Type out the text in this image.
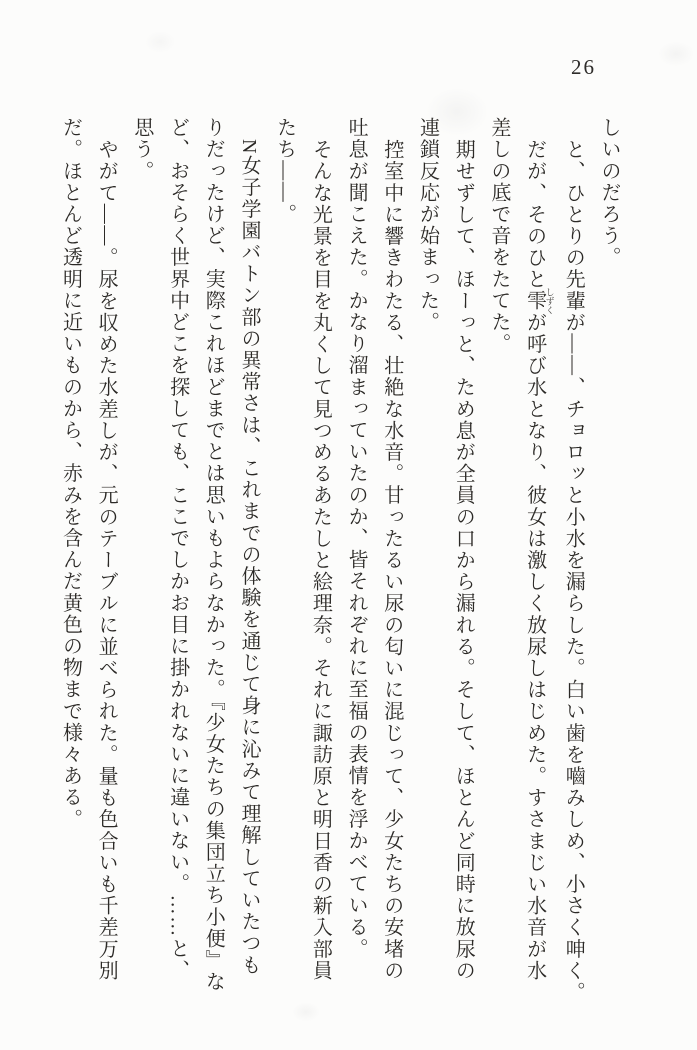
26

しいのだろう。

と、ひとりの先輩が――、チョロッと小水を漏らした。白い歯を嚙みしめ、小さく呻く。

だが、そのひと雫 しずくが呼び水となり、彼女は激しく放尿しはじめた。すさまじい水音が水

差しの底で音をたてた。

期せずして、ほーっと、ため息が全員の口から漏れる。そして、ほとんど同時に放尿の

連鎖反応が始まった。

控室中に響きわたる、壮絶な水音。甘ったるい尿の匂いに混じって、少女たちの安堵の

吐息が聞こえた。かなり溜まっていたのか、皆それぞれに至福の表情を浮かべている。

そんな光景を目を丸くして見つめるあたしと絵理奈。それに諏訪原と明日香の新入部員

たち――。

N女子学園バトン部の異常さは、これまでの体験を通じて身に沁みて理解していたつも

りだったけど、実際これほどまでとは思いもよらなかった。『少女たちの集団立ち小便』な

ど、おそらく世界中どこを探しても、ここでしかお目に掛かれないに違いない。……と、

思う。

やがて――。尿を収めた水差しが、元のテーブルに並べられた。量も色合いも千差万別

だ。ほとんど透明に近いものから、赤みを含んだ黄色の物まで様々ある。
